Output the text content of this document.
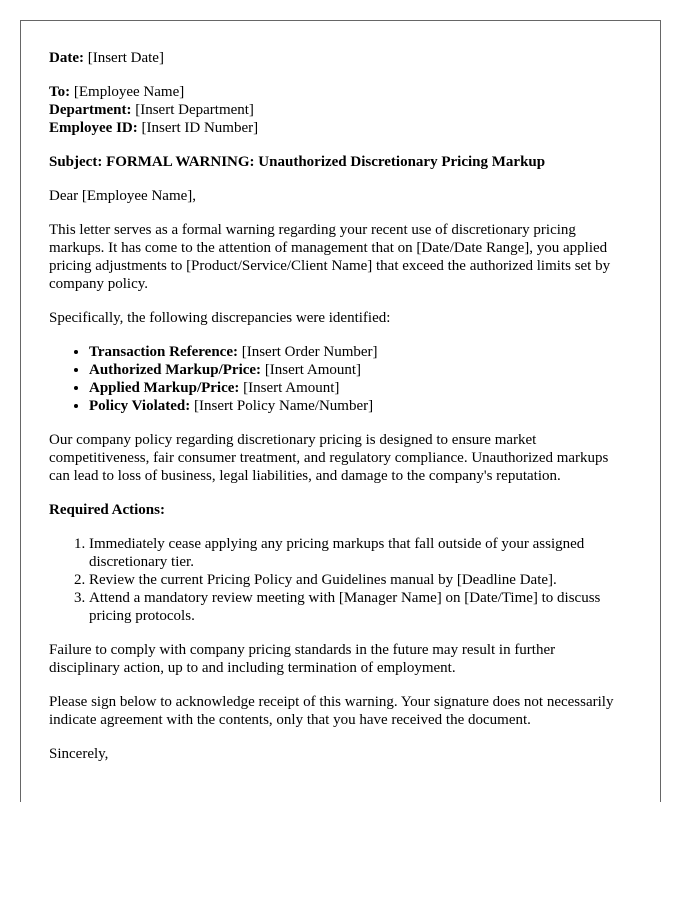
Date: [Insert Date]

To: [Employee Name]

Department: [Insert Department]

Employee ID: [Insert ID Number]

Subject: FORMAL WARNING: Unauthorized Discretionary Pricing Markup

Dear [Employee Name],

This letter serves as a formal warning regarding your recent use of discretionary pricing markups. It has come to the attention of management that on [Date/Date Range], you applied pricing adjustments to [Product/Service/Client Name] that exceed the authorized limits set by company policy.

Specifically, the following discrepancies were identified:

• Transaction Reference: [Insert Order Number]
• Authorized Markup/Price: [Insert Amount]
• Applied Markup/Price: [Insert Amount]
• Policy Violated: [Insert Policy Name/Number]

Our company policy regarding discretionary pricing is designed to ensure market competitiveness, fair consumer treatment, and regulatory compliance. Unauthorized markups can lead to loss of business, legal liabilities, and damage to the company's reputation.

Required Actions:

1. Immediately cease applying any pricing markups that fall outside of your assigned discretionary tier.
2. Review the current Pricing Policy and Guidelines manual by [Deadline Date].
3. Attend a mandatory review meeting with [Manager Name] on [Date/Time] to discuss pricing protocols.

Failure to comply with company pricing standards in the future may result in further disciplinary action, up to and including termination of employment.

Please sign below to acknowledge receipt of this warning. Your signature does not necessarily indicate agreement with the contents, only that you have received the document.

Sincerely,
